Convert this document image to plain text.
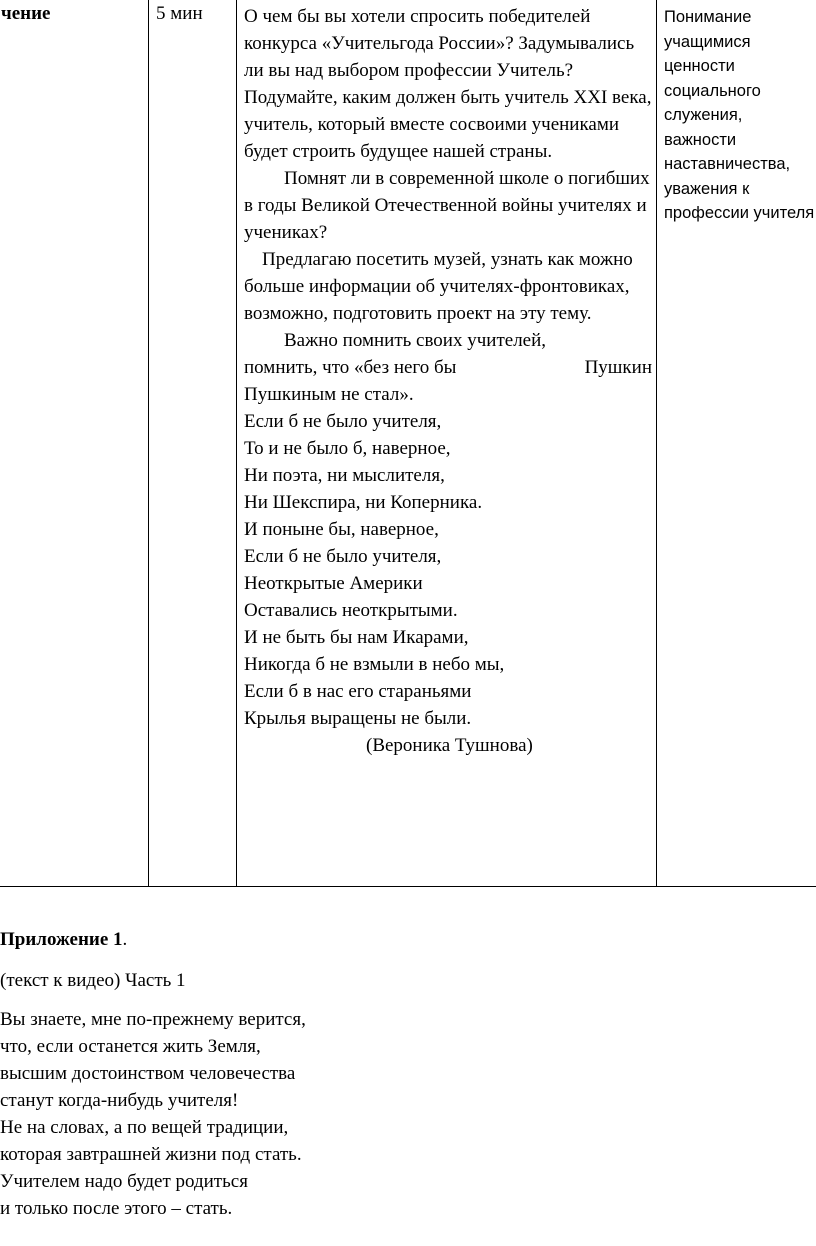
чение	5 мин О чем бы вы хотели спросить победителей конкурса «Учительгода России»? Задумывались ли вы над выбором профессии Учитель?

Подумайте, каким должен быть учитель XXI века, учитель, который вместе сосвоими учениками будет строить будущее нашей страны.

Помнят ли в современной школе о погибших в годы Великой Отечественной войны учителях и учениках?

Предлагаю посетить музей, узнать как можно больше информации об учителях-фронтовиках, возможно, подготовить проект на эту тему.

Важно помнить своих учителей,
помнить, что «без него бы	Пушкин
Пушкиным не стал».

Если б не было учителя,
То и не было б, наверное,
Ни поэта, ни мыслителя,
Ни Шекспира, ни Коперника.
И поныне бы, наверное,
Если б не было учителя,
Неоткрытые Америки
Оставались неоткрытыми.
И не быть бы нам Икарами,
Никогда б не взмыли в небо мы,
Если б в нас его стараньями
Крылья выращены не были.
(Вероника Тушнова)

Понимание учащимися ценности социального служения, важности наставничества, уважения к профессии учителя

Приложение 1.

(текст к видео) Часть 1

Вы знаете, мне по-прежнему верится,
что, если останется жить Земля,
высшим достоинством человечества
станут когда-нибудь учителя!
Не на словах, а по вещей традиции,
которая завтрашней жизни под стать.
Учителем надо будет родиться
и только после этого – стать.
